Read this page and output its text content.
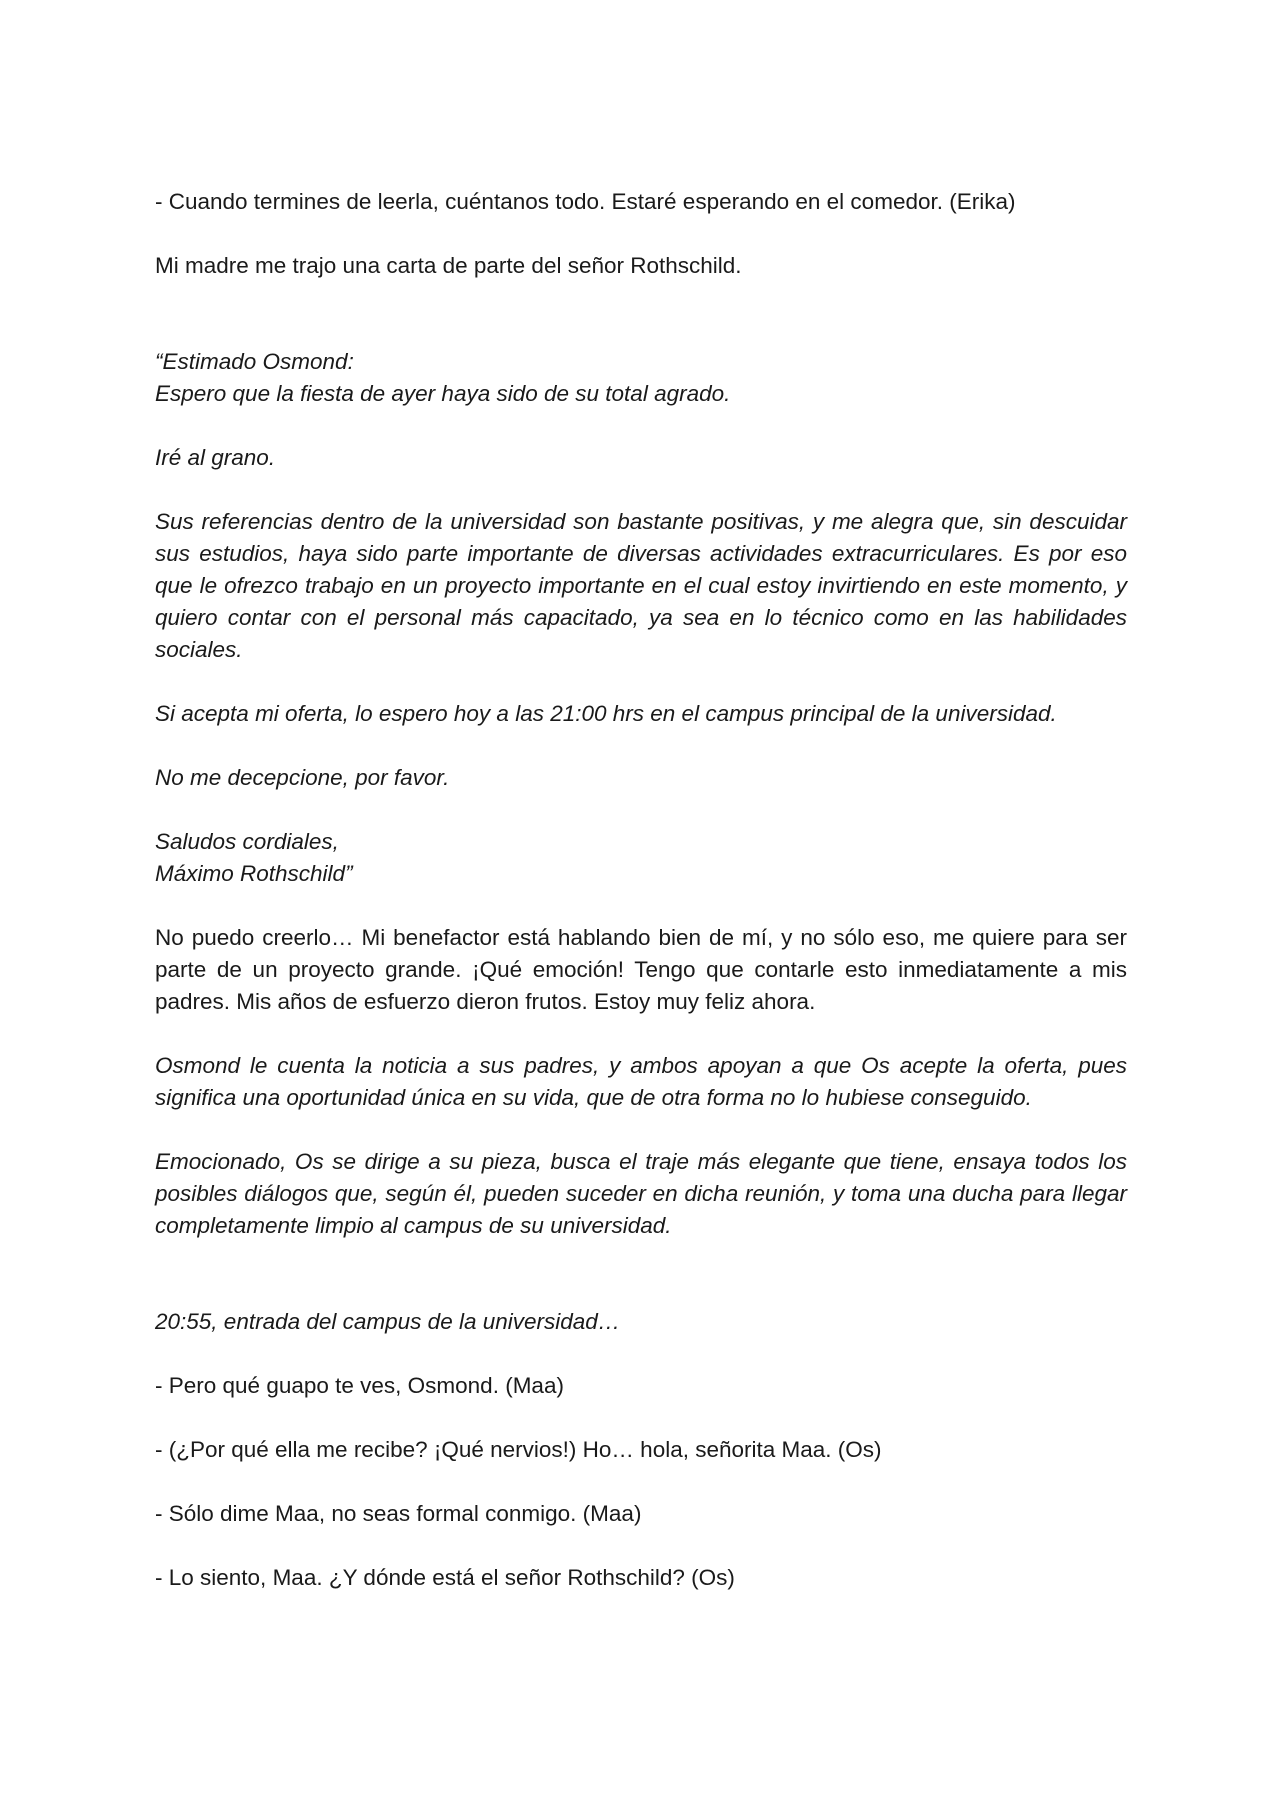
- Cuando termines de leerla, cuéntanos todo. Estaré esperando en el comedor. (Erika)

Mi madre me trajo una carta de parte del señor Rothschild.

“Estimado Osmond:

Espero que la fiesta de ayer haya sido de su total agrado.

Iré al grano.

Sus referencias dentro de la universidad son bastante positivas, y me alegra que, sin descuidar sus estudios, haya sido parte importante de diversas actividades extracurriculares. Es por eso que le ofrezco trabajo en un proyecto importante en el cual estoy invirtiendo en este momento, y quiero contar con el personal más capacitado, ya sea en lo técnico como en las habilidades sociales.

Si acepta mi oferta, lo espero hoy a las 21:00 hrs en el campus principal de la universidad.

No me decepcione, por favor.

Saludos cordiales,

Máximo Rothschild”

No puedo creerlo… Mi benefactor está hablando bien de mí, y no sólo eso, me quiere para ser parte de un proyecto grande. ¡Qué emoción! Tengo que contarle esto inmediatamente a mis padres. Mis años de esfuerzo dieron frutos. Estoy muy feliz ahora.

Osmond le cuenta la noticia a sus padres, y ambos apoyan a que Os acepte la oferta, pues significa una oportunidad única en su vida, que de otra forma no lo hubiese conseguido.

Emocionado, Os se dirige a su pieza, busca el traje más elegante que tiene, ensaya todos los posibles diálogos que, según él, pueden suceder en dicha reunión, y toma una ducha para llegar completamente limpio al campus de su universidad.

20:55, entrada del campus de la universidad…

- Pero qué guapo te ves, Osmond. (Maa)

- (¿Por qué ella me recibe? ¡Qué nervios!) Ho… hola, señorita Maa. (Os)

- Sólo dime Maa, no seas formal conmigo. (Maa)

- Lo siento, Maa. ¿Y dónde está el señor Rothschild? (Os)
